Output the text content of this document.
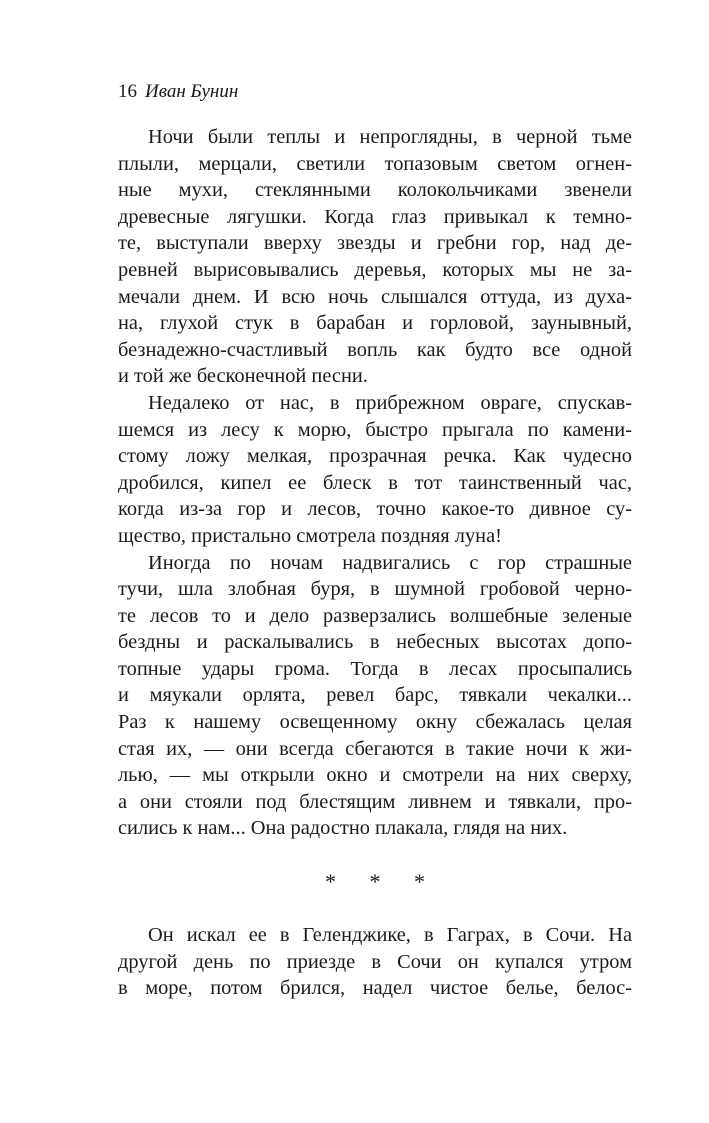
16 Иван Бунин
Ночи были теплы и непроглядны, в черной тьме
плыли, мерцали, светили топазовым светом огнен-
ные мухи, стеклянными колокольчиками звенели
древесные лягушки. Когда глаз привыкал к темно-
те, выступали вверху звезды и гребни гор, над де-
ревней вырисовывались деревья, которых мы не за-
мечали днем. И всю ночь слышался оттуда, из духа-
на, глухой стук в барабан и горловой, заунывный,
безнадежно-счастливый вопль как будто все одной
и той же бесконечной песни.
Недалеко от нас, в прибрежном овраге, спускав-
шемся из лесу к морю, быстро прыгала по камени-
стому ложу мелкая, прозрачная речка. Как чудесно
дробился, кипел ее блеск в тот таинственный час,
когда из-за гор и лесов, точно какое-то дивное су-
щество, пристально смотрела поздняя луна!
Иногда по ночам надвигались с гор страшные
тучи, шла злобная буря, в шумной гробовой черно-
те лесов то и дело разверзались волшебные зеленые
бездны и раскалывались в небесных высотах допо-
топные удары грома. Тогда в лесах просыпались
и мяукали орлята, ревел барс, тявкали чекалки...
Раз к нашему освещенному окну сбежалась целая
стая их, — они всегда сбегаются в такие ночи к жи-
лью, — мы открыли окно и смотрели на них сверху,
а они стояли под блестящим ливнем и тявкали, про-
сились к нам... Она радостно плакала, глядя на них.
* * *
Он искал ее в Геленджике, в Гаграх, в Сочи. На
другой день по приезде в Сочи он купался утром
в море, потом брился, надел чистое белье, белос-
